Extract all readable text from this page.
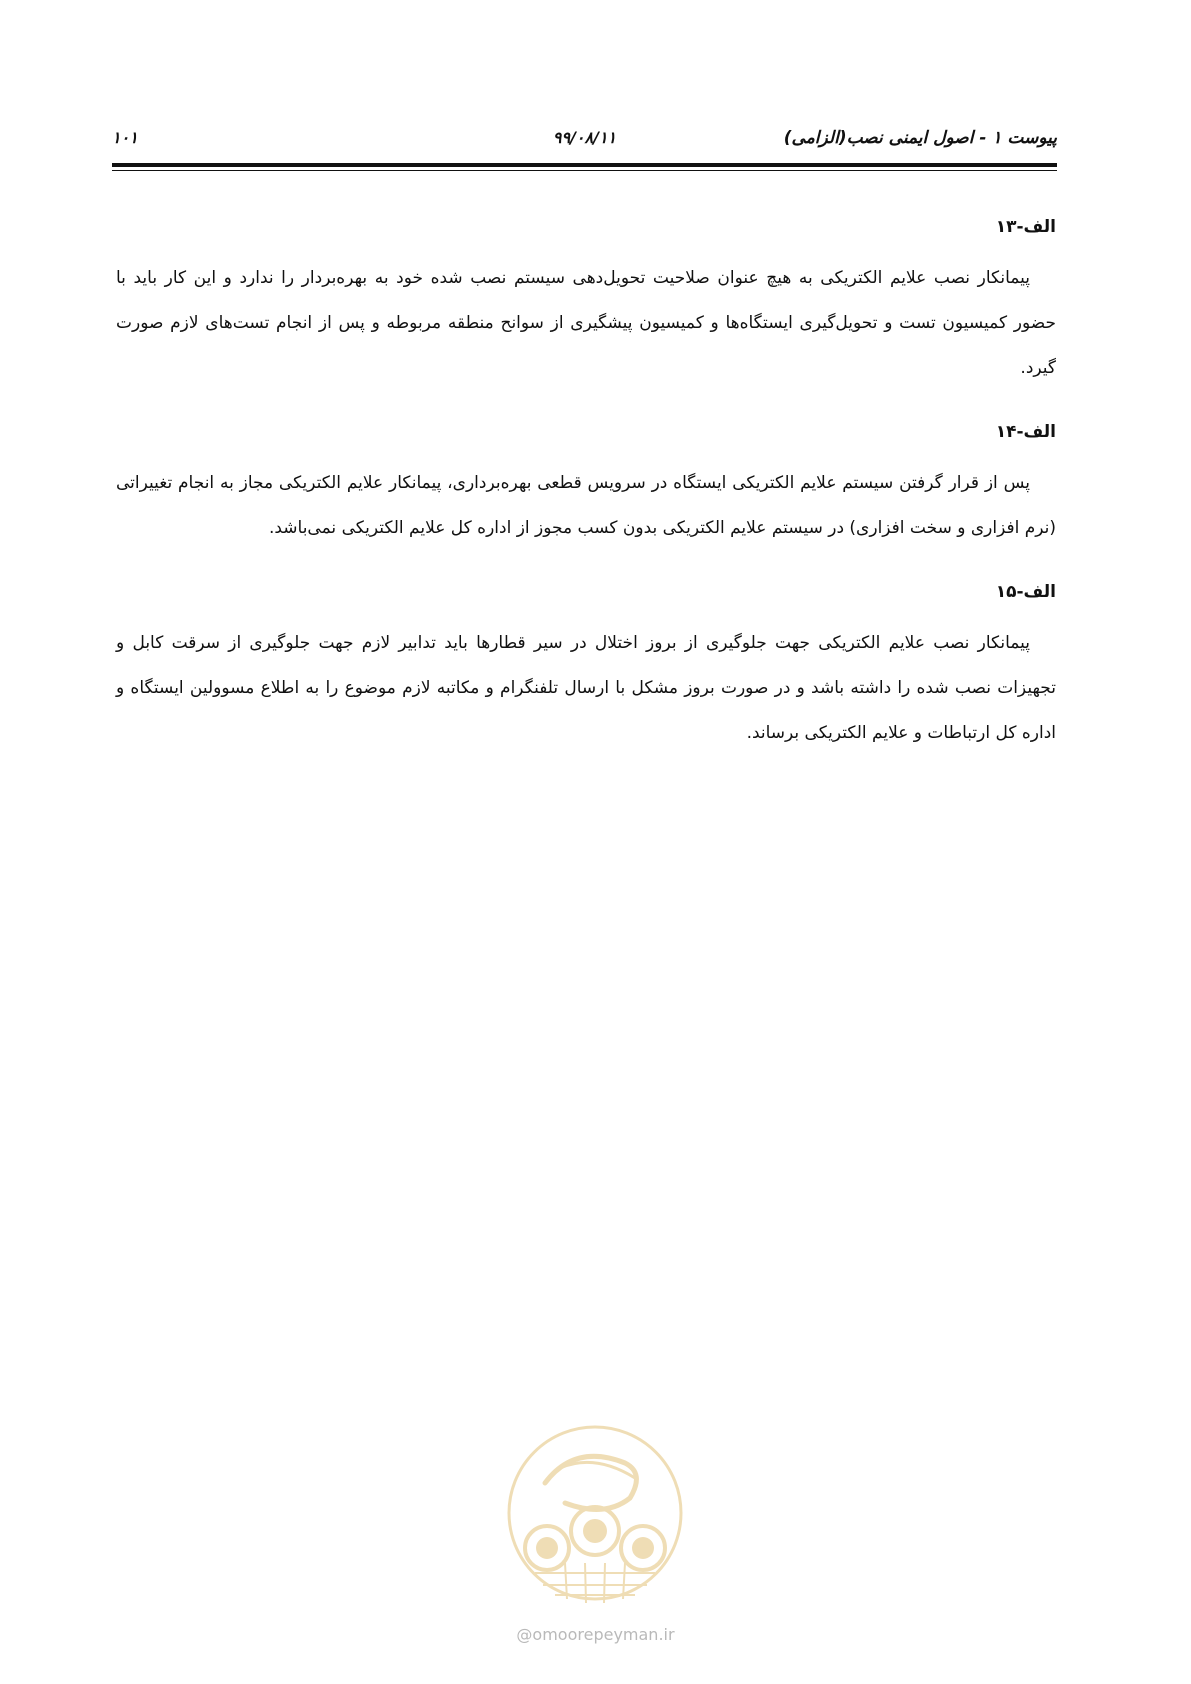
پیوست ۱ - اصول ایمنی نصب(الزامی)
۹۹/۰۸/۱۱
۱۰۱
الف-۱۳

پیمانکار نصب علایم الکتریکی به هیچ عنوان صلاحیت تحویل‌دهی سیستم نصب شده خود به بهره‌بردار را ندارد و این کار باید با حضور کمیسیون تست و تحویل‌گیری ایستگاه‌ها و کمیسیون پیشگیری از سوانح منطقه مربوطه و پس از انجام تست‌های لازم صورت گیرد.

الف-۱۴

پس از قرار گرفتن سیستم علایم الکتریکی ایستگاه در سرویس قطعی بهره‌برداری، پیمانکار علایم الکتریکی مجاز به انجام تغییراتی (نرم افزاری و سخت افزاری) در سیستم علایم الکتریکی بدون کسب مجوز از اداره کل علایم الکتریکی نمی‌باشد.

الف-۱۵

پیمانکار نصب علایم الکتریکی جهت جلوگیری از بروز اختلال در سیر قطارها باید تدابیر لازم جهت جلوگیری از سرقت کابل و تجهیزات نصب شده را داشته باشد و در صورت بروز مشکل با ارسال تلفنگرام و مکاتبه لازم موضوع را به اطلاع مسوولین ایستگاه و اداره کل ارتباطات و علایم الکتریکی برساند.

@omoorepeyman.ir
